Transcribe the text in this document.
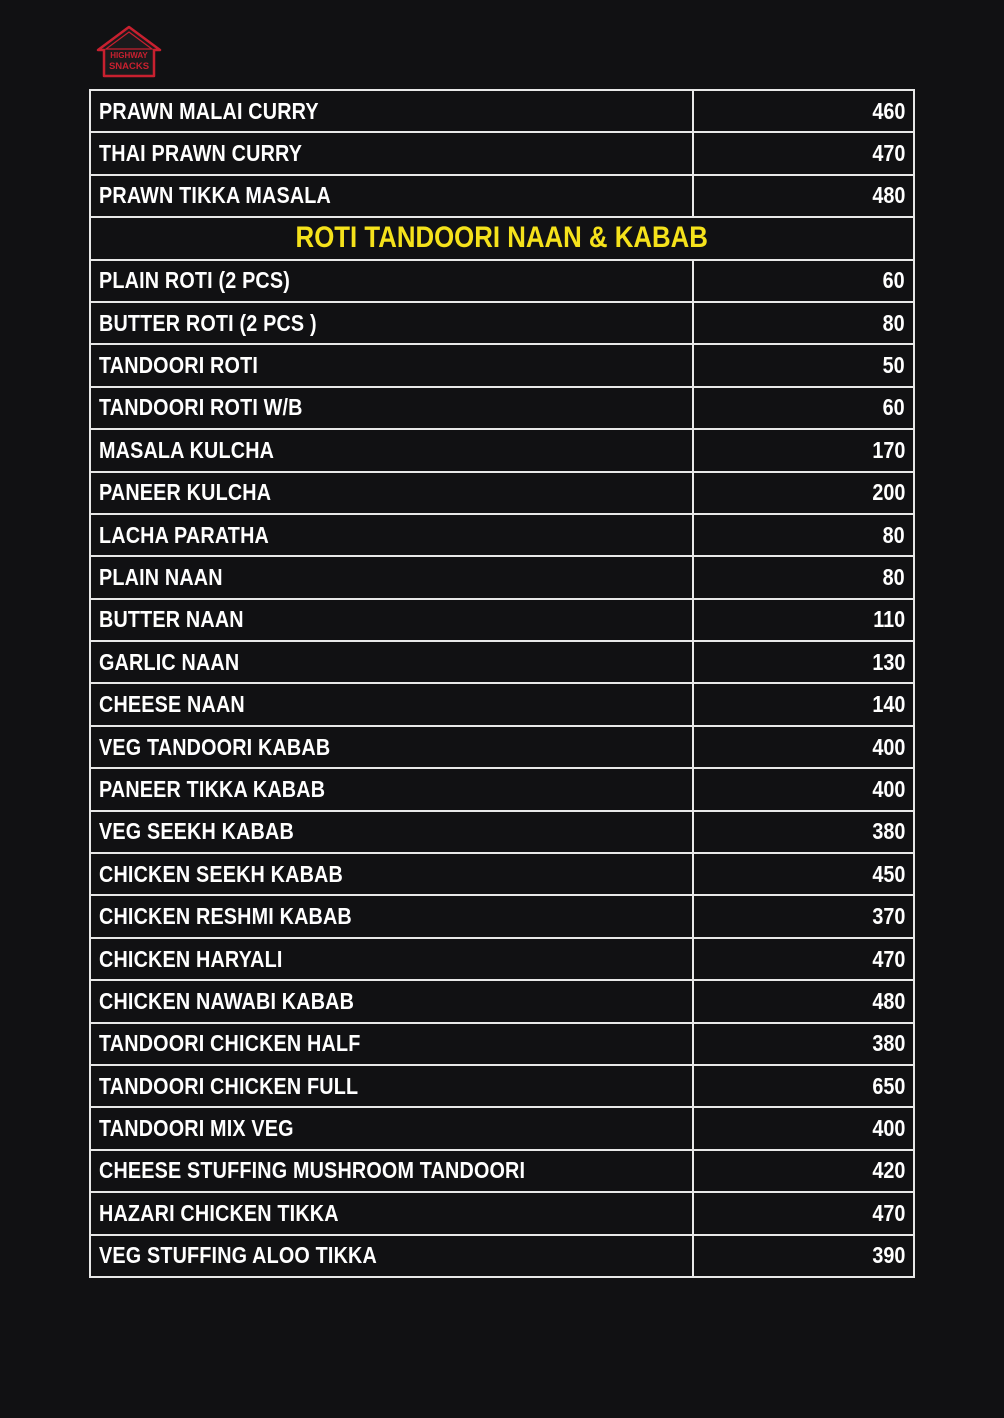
HIGHWAY
SNACKS
PRAWN MALAI CURRY	460
THAI PRAWN CURRY	470
PRAWN TIKKA MASALA	480
ROTI TANDOORI NAAN & KABAB	
PLAIN ROTI (2 PCS)	60
BUTTER ROTI (2 PCS )	80
TANDOORI ROTI	50
TANDOORI ROTI W/B	60
MASALA KULCHA	170
PANEER KULCHA	200
LACHA PARATHA	80
PLAIN NAAN	80
BUTTER NAAN	110
GARLIC NAAN	130
CHEESE NAAN	140
VEG TANDOORI KABAB	400
PANEER TIKKA KABAB	400
VEG SEEKH KABAB	380
CHICKEN SEEKH KABAB	450
CHICKEN RESHMI KABAB	370
CHICKEN HARYALI	470
CHICKEN NAWABI KABAB	480
TANDOORI CHICKEN HALF	380
TANDOORI CHICKEN FULL	650
TANDOORI MIX VEG	400
CHEESE STUFFING MUSHROOM TANDOORI	420
HAZARI CHICKEN TIKKA	470
VEG STUFFING ALOO TIKKA	390
